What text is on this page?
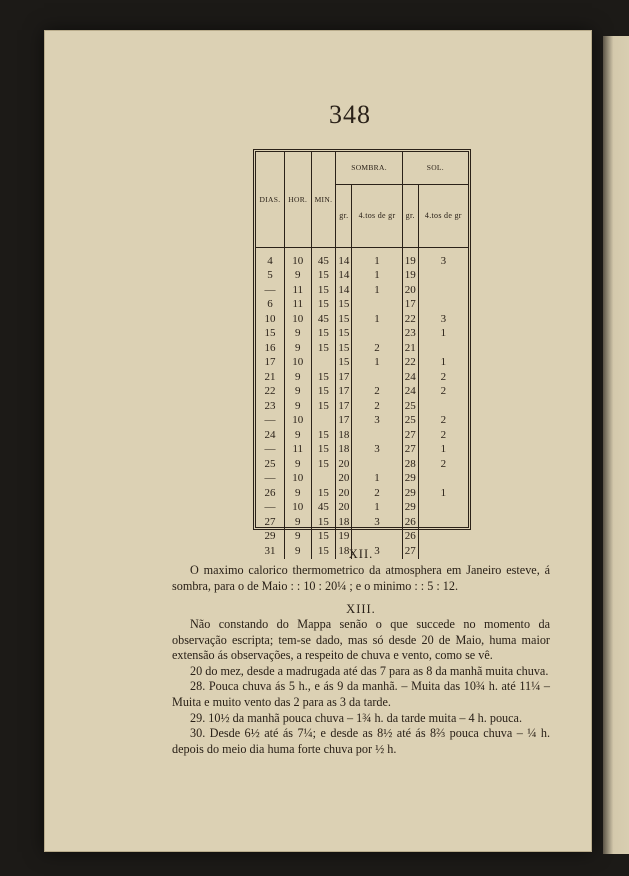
348
DIAS.	HOR.	MIN.	SOMBRA.		SOL.	
			gr.	4.tos de gr	gr.	4.tos de gr
4	10	45	14	1	19	3
5	9	15	14	1	19	
—	11	15	14	1	20	
6	11	15	15		17	
10	10	45	15	1	22	3
15	9	15	15		23	1
16	9	15	15	2	21	
17	10		15	1	22	1
21	9	15	17		24	2
22	9	15	17	2	24	2
23	9	15	17	2	25	
—	10		17	3	25	2
24	9	15	18		27	2
—	11	15	18	3	27	1
25	9	15	20		28	2
—	10		20	1	29	
26	9	15	20	2	29	1
—	10	45	20	1	29	
27	9	15	18	3	26	
29	9	15	19		26	
31	9	15	18	3	27	
XII.

O maximo calorico thermometrico da atmosphera em Janeiro esteve, á sombra, para o de Maio : : 10 : 20¼ ; e o minimo : : 5 : 12.

XIII.

Não constando do Mappa senão o que succede no momento da observação escripta; tem-se dado, mas só desde 20 de Maio, huma maior extensão ás observações, a respeito de chuva e vento, como se vê.

20 do mez, desde a madrugada até das 7 para as 8 da manhã muita chuva.

28. Pouca chuva ás 5 h., e ás 9 da manhã. – Muita das 10¾ h. até 11¼ – Muita e muito vento das 2 para as 3 da tarde.

29. 10½ da manhã pouca chuva – 1¾ h. da tarde muita – 4 h. pouca.

30. Desde 6½ até ás 7¼; e desde as 8½ até ás 8⅔ pouca chuva – ¼ h. depois do meio dia huma forte chuva por ½ h.
